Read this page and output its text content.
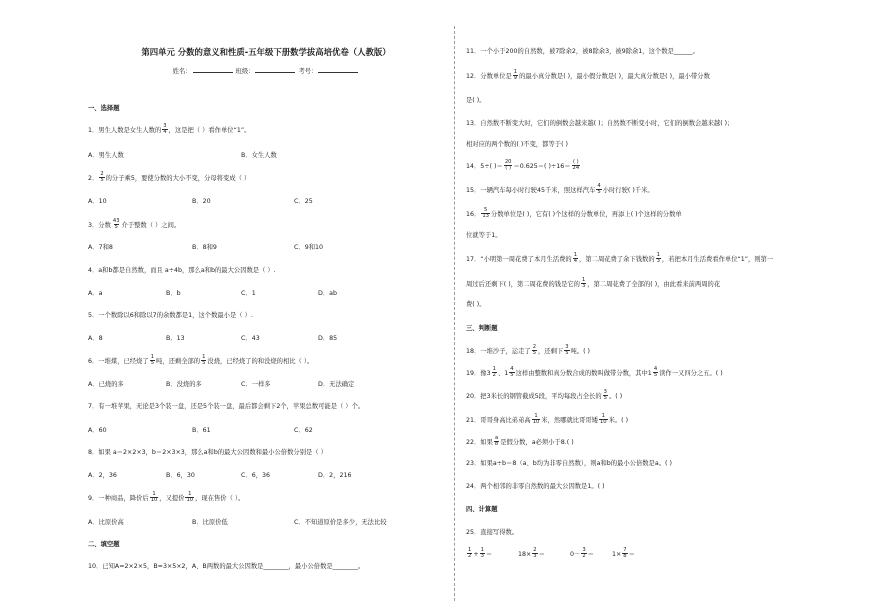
第四单元 分数的意义和性质-五年级下册数学拔高培优卷（人教版）
姓名：	班级：	考号：
一、选择题
1．男生人数是女生人数的 $\frac{3}{4}$ ，这是把（ ）看作单位“1”。
A．男生人数	B．女生人数
2． $\frac{2}{5}$ 的分子乘5，要使分数的大小不变，分母将变成（ ）
A．10	B．20	C．25
3．分数 $\frac{43}{5}$ 介于整数（ ）之间。
A．7和8	B．8和9	C．9和10
4．a和b都是自然数，而且 a÷4b，那么a和b的最大公因数是（ ）.
A．a	B．b	C．1	D．ab
5．一个数除以6和除以7的余数都是1，这个数最小是（ ）.
A．8	B．13	C．43	D．85
6．一堆煤，已经烧了 $\frac{1}{5}$ 吨，还剩全部的 $\frac{1}{5}$ 没烧，已经烧了的和没烧的相比（ ）。
A．已烧的多	B．没烧的多	C．一样多	D．无法确定
7．有一堆苹果，无论是3个装一盘，还是5个装一盘，最后都会剩下2个，苹果总数可能是（ ）个。
A．60	B．61	C．62
8．如果 a＝2×2×3，b＝2×3×3，那么a和b的最大公因数和最小公倍数分别是（ ）
A．2，36	B．6，30	C．6，36	D．2，216
9．一种商品，降价后 $\frac{1}{10}$ ，又提价 $\frac{1}{10}$ ，现在售价（ ）。
A．比原价高	B．比原价低	C．不知道原价是多少，无法比较
二、填空题
10．已知A=2×2×5，B=3×5×2，A、B两数的最大公因数是________，最小公倍数是________。
11．一个小于200的自然数，被7除余2，被8除余3，被9除余1，这个数是______。
12．分数单位是 $\frac{1}{9}$ 的最小真分数是( )，最小假分数是( )，最大真分数是( )，最小带分数
是( )。
13．自然数不断变大时，它们的倒数会越来越( )；自然数不断变小时，它们的倒数会越来越( )；
相对应的两个数的( )不变，都等于( )
14．5÷( )＝
20
( ) ＝0.625＝( )÷16＝
( )
24
15．一辆汽车每小时行驶45千米，照这样汽车 $\frac{4}{5}$ 小时行驶( )千米。
16． $\frac{5}{13}$ 分数单位是( )，它有( )个这样的分数单位，再添上( )个这样的分数单
位就等于1。
17．“小明第一周花费了本月生活费的 $\frac{1}{4}$ ，第二周花费了余下钱数的 $\frac{1}{3}$ ，若把本月生活费看作单位“1”，则第一
周过后还剩下( )，第二周花费的钱是它的 $\frac{1}{3}$ ，第二周花费了全部的( )，由此看来前两周的花
费( )。
三、判断题
18．一堆沙子，运走了 $\frac{2}{5}$ ，还剩下 $\frac{3}{5}$ 吨。( )
19．像$3 \frac{1}{2}$ 、$1 \frac{4}{5}$ 这样由整数和真分数合成的数叫做带分数，其中$1 \frac{4}{5}$ 读作一又四分之五。( )
20．把3米长的钢管截成5段，平均每段占全长的 $\frac{3}{5}$ 。( )
21．哥哥身高比弟弟高 $\frac{1}{10}$ 米，然哪就比哥哥矮 $\frac{1}{10}$ 米。( )
22．如果 $\frac{a}{8}$ 是假分数，a必须小于8.( )
23．如果a÷b＝8（a、b均为非零自然数），则a和b的最小公倍数是a。( )
24．两个相邻的非零自然数的最大公因数是1。( )
四、计算题
25．直接写得数。
$\frac{1}{2} + \frac{1}{3}$ ＝	$18\times \frac{2}{3}$ ＝	$0- \frac{3}{2}$ ＝	$1\times \frac{7}{8}$ ＝
